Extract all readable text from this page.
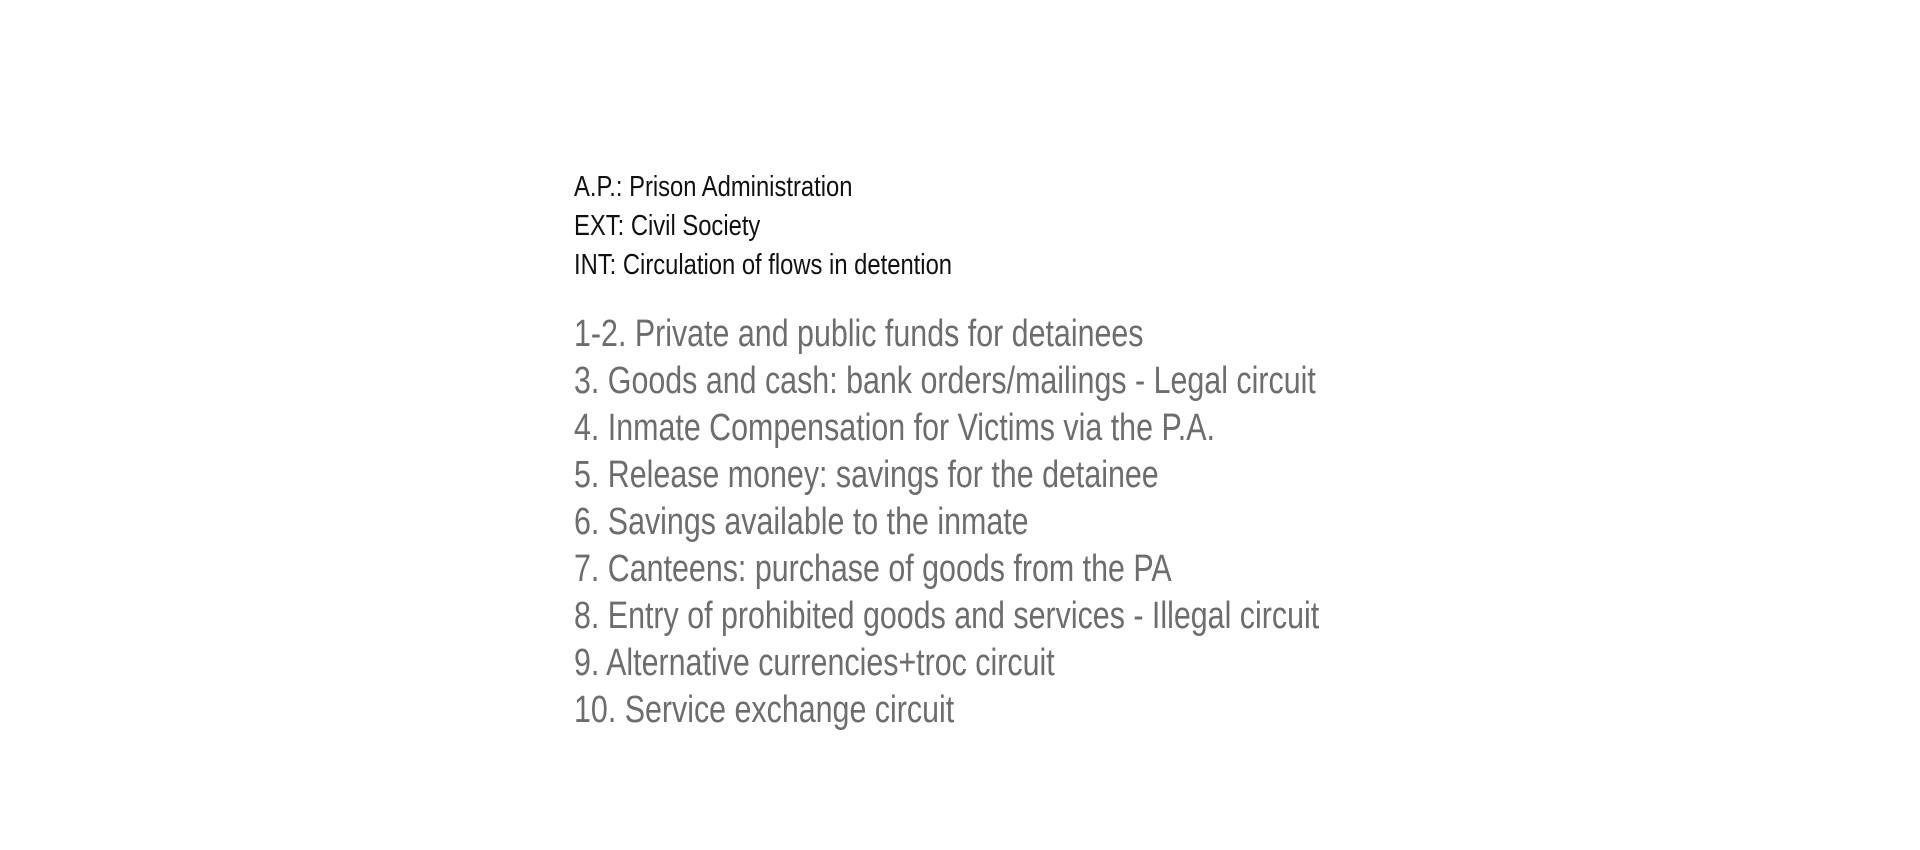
A.P.: Prison Administration
EXT: Civil Society
INT: Circulation of flows in detention
1-2. Private and public funds for detainees
3. Goods and cash: bank orders/mailings - Legal circuit
4. Inmate Compensation for Victims via the P.A.
5. Release money: savings for the detainee
6. Savings available to the inmate
7. Canteens: purchase of goods from the PA
8. Entry of prohibited goods and services - Illegal circuit
9. Alternative currencies+troc circuit
10. Service exchange circuit
